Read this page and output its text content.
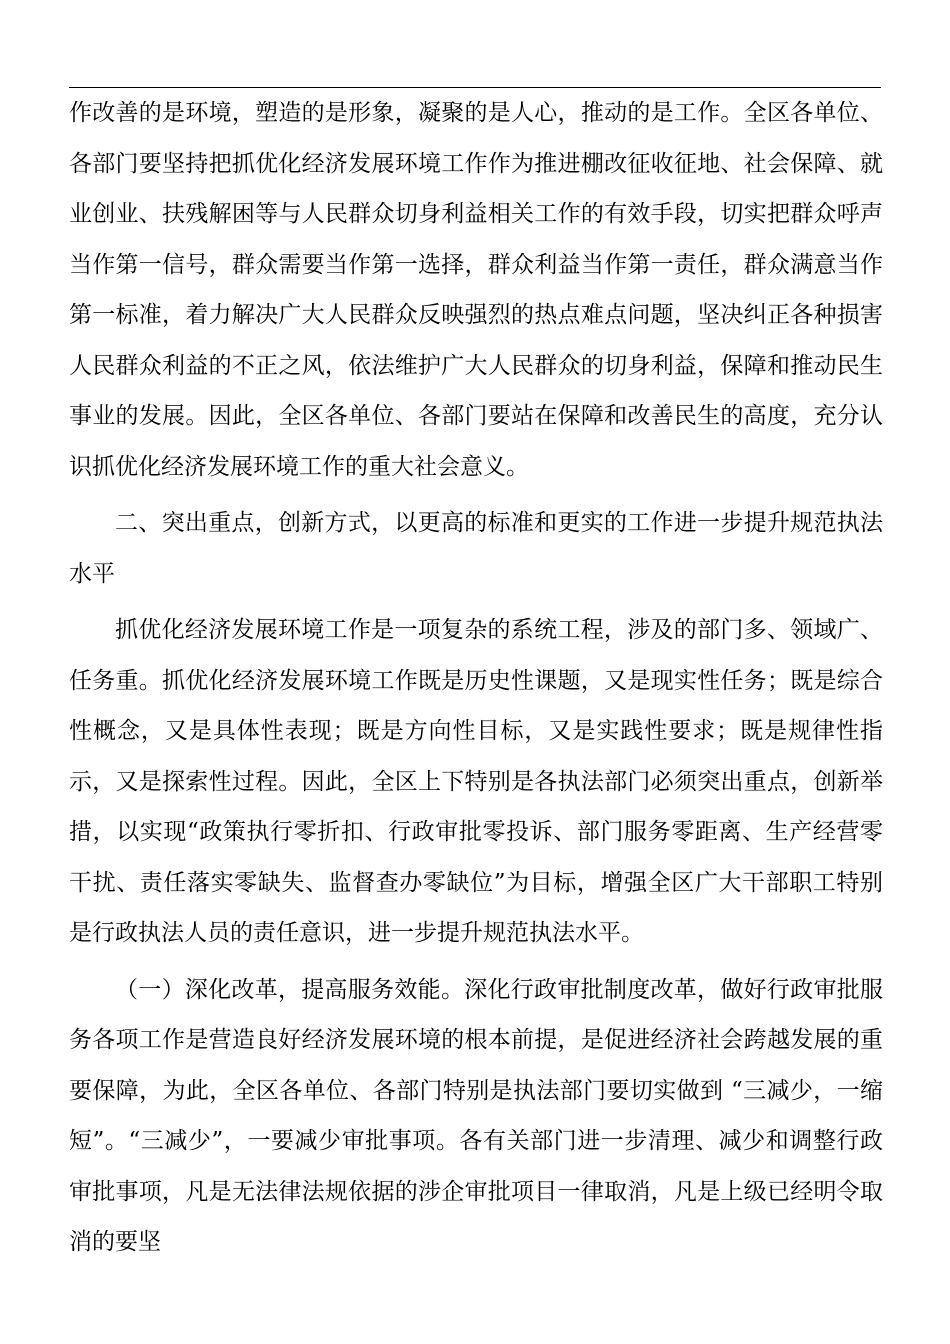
作改善的是环境，塑造的是形象，凝聚的是人心，推动的是工作。全区各单位、各部门要坚持把抓优化经济发展环境工作作为推进棚改征收征地、社会保障、就业创业、扶残解困等与人民群众切身利益相关工作的有效手段，切实把群众呼声当作第一信号，群众需要当作第一选择，群众利益当作第一责任，群众满意当作第一标准，着力解决广大人民群众反映强烈的热点难点问题，坚决纠正各种损害人民群众利益的不正之风，依法维护广大人民群众的切身利益，保障和推动民生事业的发展。因此，全区各单位、各部门要站在保障和改善民生的高度，充分认识抓优化经济发展环境工作的重大社会意义。

二、突出重点，创新方式，以更高的标准和更实的工作进一步提升规范执法水平

抓优化经济发展环境工作是一项复杂的系统工程，涉及的部门多、领域广、任务重。抓优化经济发展环境工作既是历史性课题，又是现实性任务；既是综合性概念，又是具体性表现；既是方向性目标，又是实践性要求；既是规律性指示，又是探索性过程。因此，全区上下特别是各执法部门必须突出重点，创新举措，以实现“政策执行零折扣、行政审批零投诉、部门服务零距离、生产经营零干扰、责任落实零缺失、监督查办零缺位”为目标，增强全区广大干部职工特别是行政执法人员的责任意识，进一步提升规范执法水平。

（一）深化改革，提高服务效能。深化行政审批制度改革，做好行政审批服务各项工作是营造良好经济发展环境的根本前提，是促进经济社会跨越发展的重要保障，为此，全区各单位、各部门特别是执法部门要切实做到 “三减少，一缩短”。“三减少”，一要减少审批事项。各有关部门进一步清理、减少和调整行政审批事项，凡是无法律法规依据的涉企审批项目一律取消，凡是上级已经明令取消的要坚
